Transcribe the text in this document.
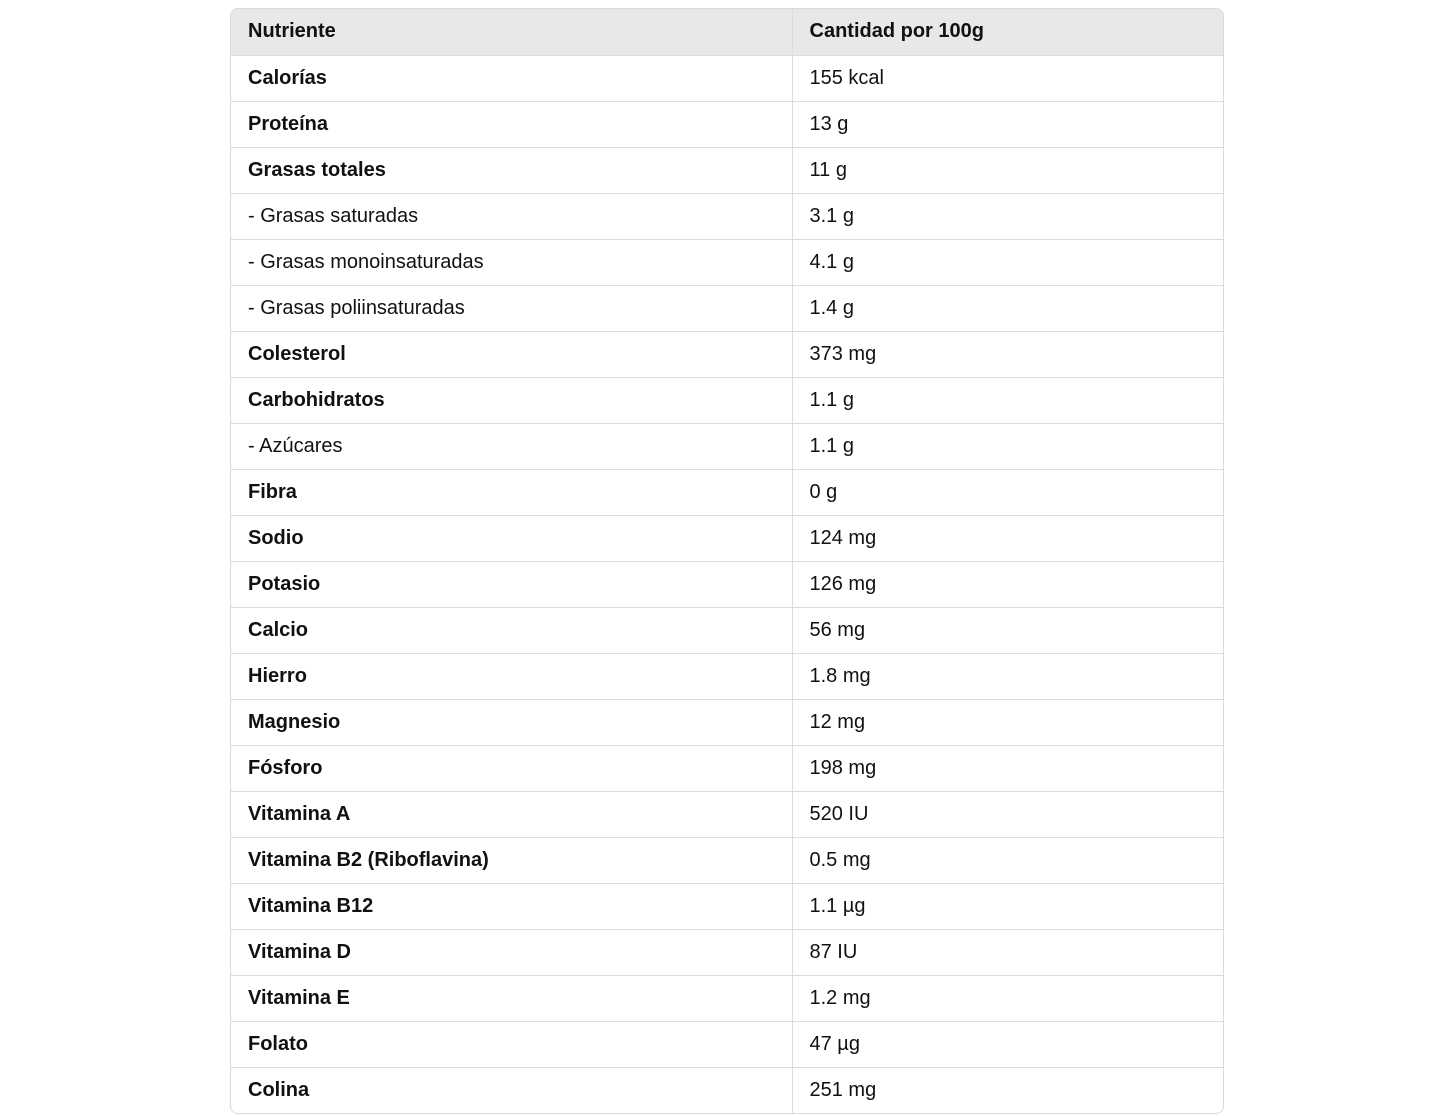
Nutriente	Cantidad por 100g
Calorías	155 kcal
Proteína	13 g
Grasas totales	11 g
- Grasas saturadas	3.1 g
- Grasas monoinsaturadas	4.1 g
- Grasas poliinsaturadas	1.4 g
Colesterol	373 mg
Carbohidratos	1.1 g
- Azúcares	1.1 g
Fibra	0 g
Sodio	124 mg
Potasio	126 mg
Calcio	56 mg
Hierro	1.8 mg
Magnesio	12 mg
Fósforo	198 mg
Vitamina A	520 IU
Vitamina B2 (Riboflavina)	0.5 mg
Vitamina B12	1.1 µg
Vitamina D	87 IU
Vitamina E	1.2 mg
Folato	47 µg
Colina	251 mg
